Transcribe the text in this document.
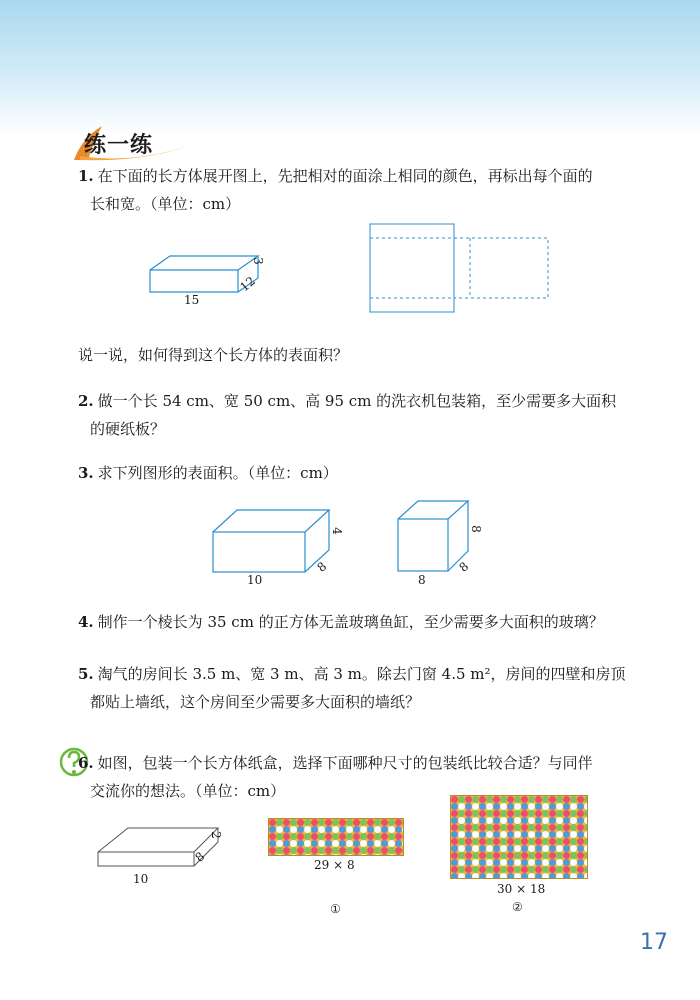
练一练
1. 在下面的长方体展开图上，先把相对的面涂上相同的颜色，再标出每个面的
长和宽。（单位：cm）
15
12
3
说一说，如何得到这个长方体的表面积？
2. 做一个长 54 cm、宽 50 cm、高 95 cm 的洗衣机包装箱，至少需要多大面积
的硬纸板？
3. 求下列图形的表面积。（单位：cm）
10
8
4
8
8
8
4. 制作一个棱长为 35 cm 的正方体无盖玻璃鱼缸，至少需要多大面积的玻璃？
5. 淘气的房间长 3.5 m、宽 3 m、高 3 m。除去门窗 4.5 m²，房间的四壁和房顶
都贴上墙纸，这个房间至少需要多大面积的墙纸？
6. 如图，包装一个长方体纸盒，选择下面哪种尺寸的包装纸比较合适？与同伴
交流你的想法。（单位：cm）
10
8
2
29 × 8
①
30 × 18
②
17
